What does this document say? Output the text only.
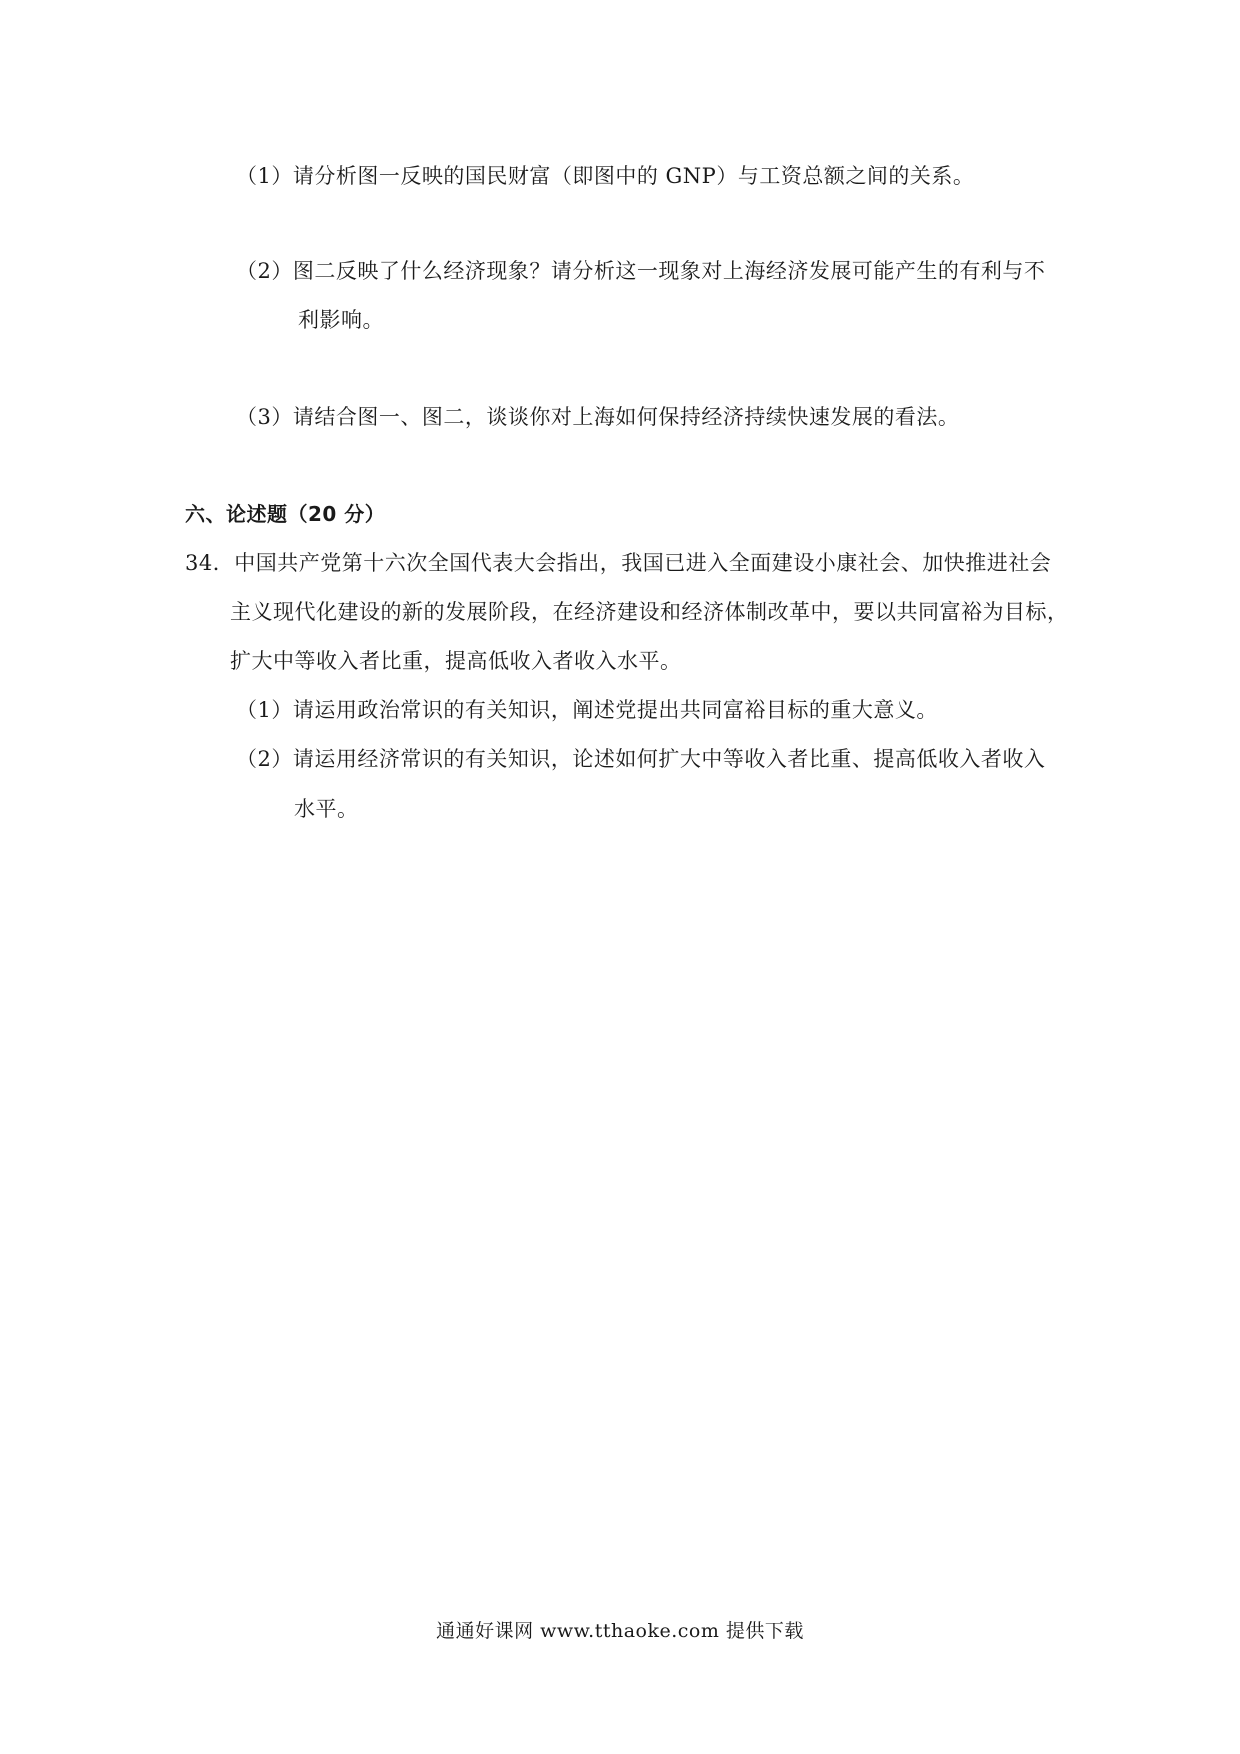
（1）请分析图一反映的国民财富（即图中的 GNP）与工资总额之间的关系。
（2）图二反映了什么经济现象？请分析这一现象对上海经济发展可能产生的有利与不
利影响。
（3）请结合图一、图二，谈谈你对上海如何保持经济持续快速发展的看法。
六、论述题（20 分）
34．中国共产党第十六次全国代表大会指出，我国已进入全面建设小康社会、加快推进社会
主义现代化建设的新的发展阶段，在经济建设和经济体制改革中，要以共同富裕为目标，
扩大中等收入者比重，提高低收入者收入水平。
（1）请运用政治常识的有关知识，阐述党提出共同富裕目标的重大意义。
（2）请运用经济常识的有关知识，论述如何扩大中等收入者比重、提高低收入者收入
水平。
通通好课网 www.tthaoke.com 提供下载
